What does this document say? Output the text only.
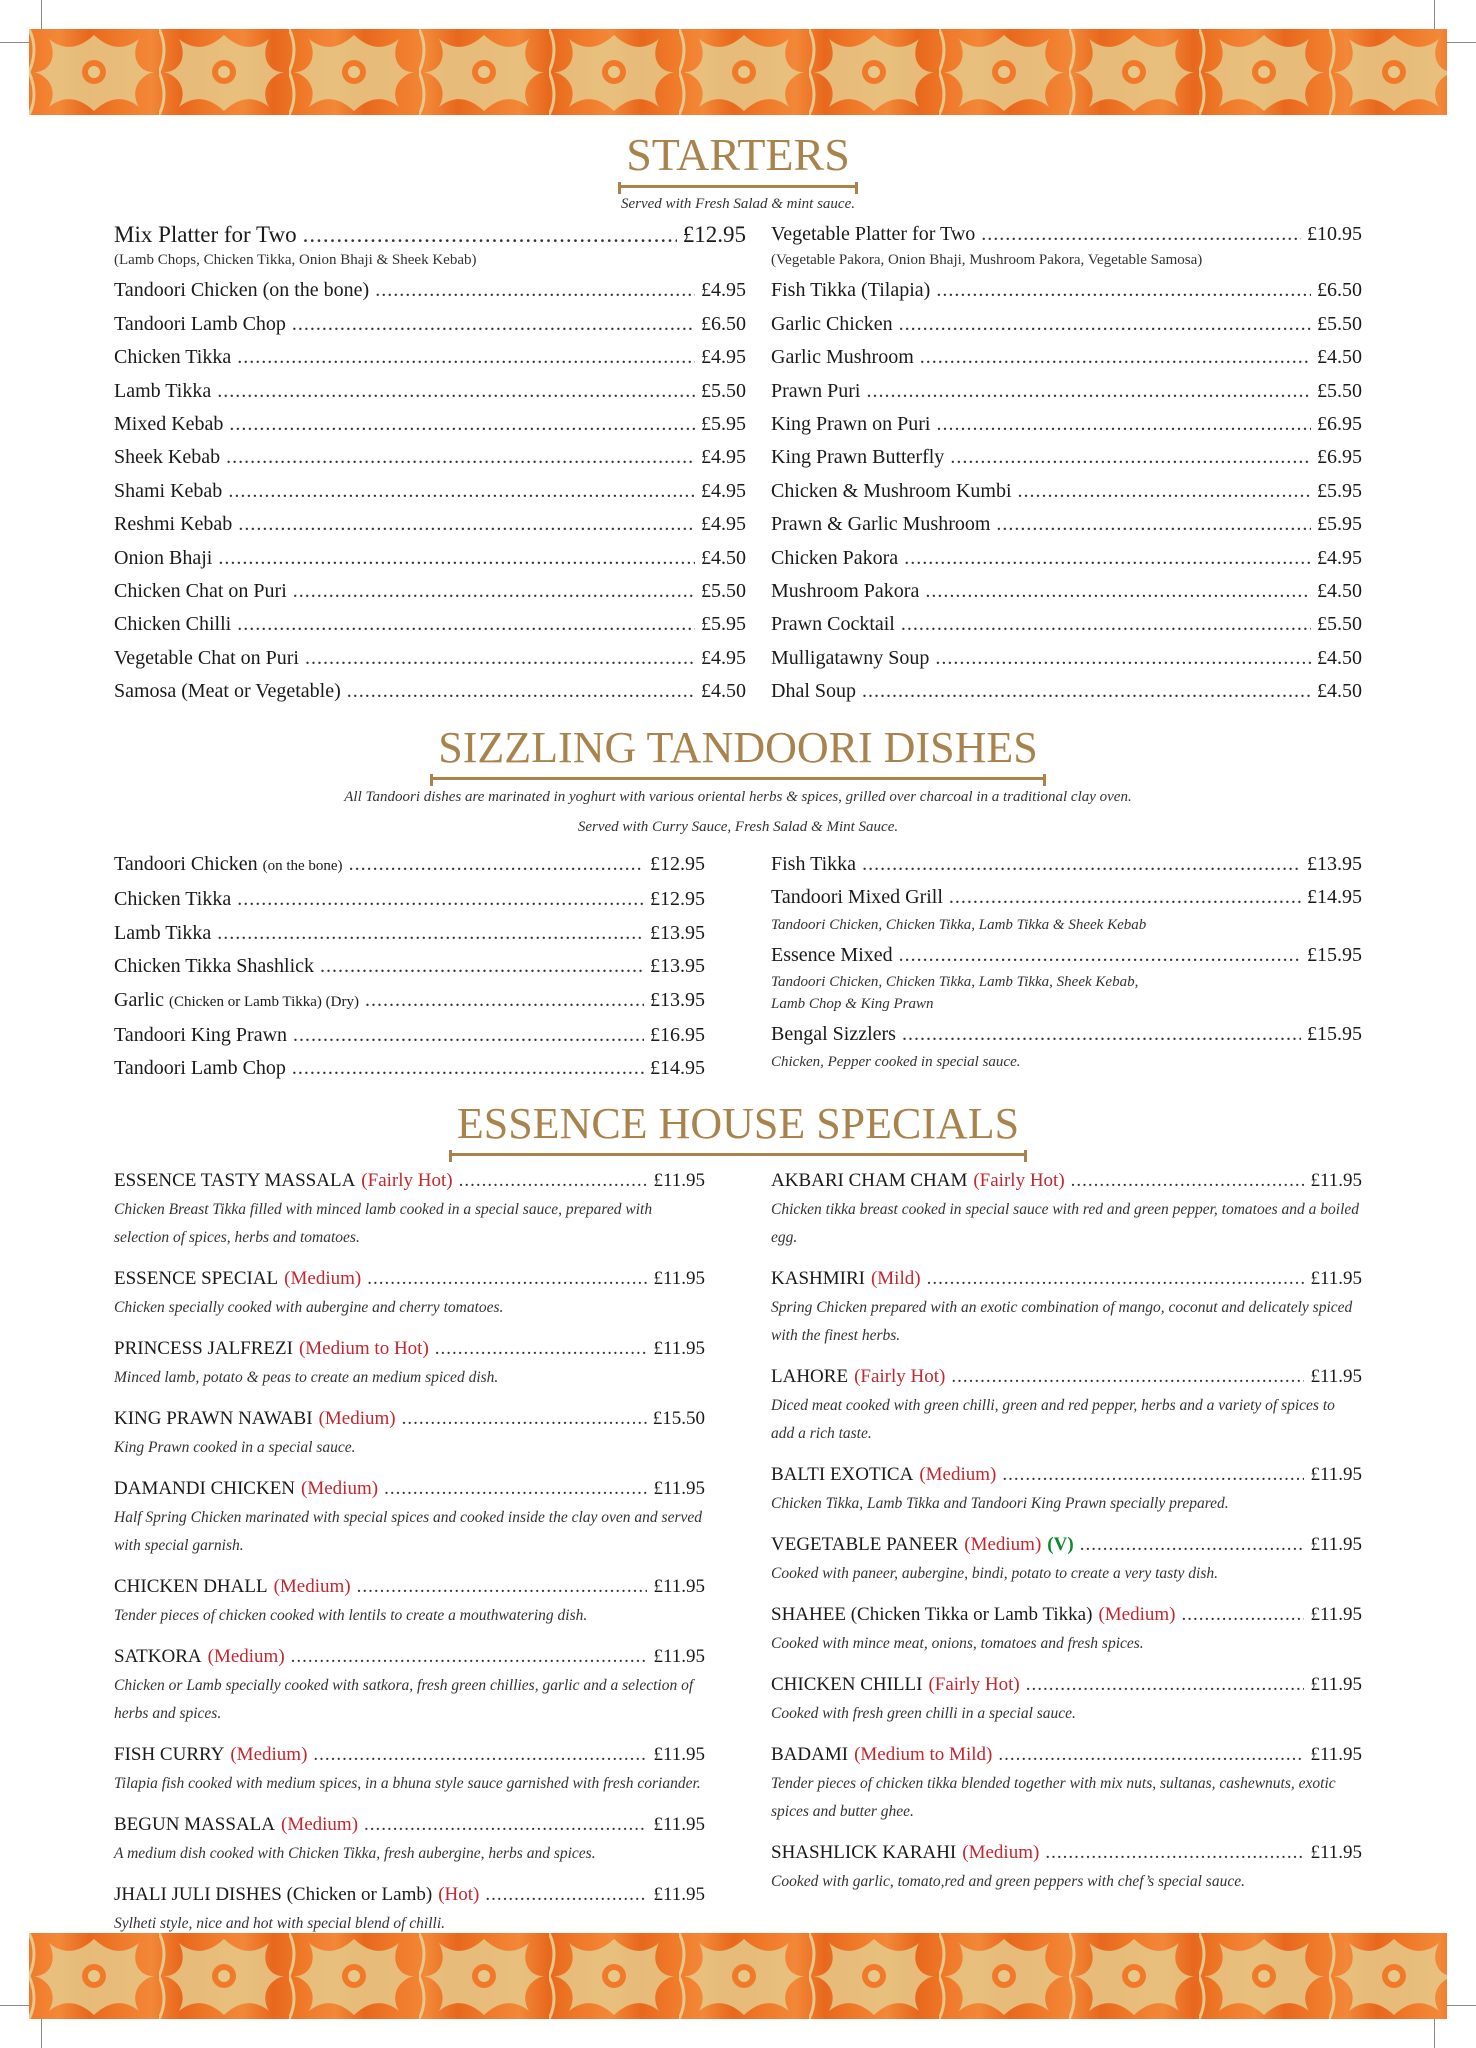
STARTERS

Served with Fresh Salad & mint sauce.

Mix Platter for Two .....	£12.95
(Lamb Chops, Chicken Tikka, Onion Bhaji & Sheek Kebab)
Tandoori Chicken (on the bone) .....	£4.95
Tandoori Lamb Chop .....	£6.50
Chicken Tikka .....	£4.95
Lamb Tikka .....	£5.50
Mixed Kebab .....	£5.95
Sheek Kebab .....	£4.95
Shami Kebab .....	£4.95
Reshmi Kebab .....	£4.95
Onion Bhaji .....	£4.50
Chicken Chat on Puri .....	£5.50
Chicken Chilli .....	£5.95
Vegetable Chat on Puri .....	£4.95
Samosa (Meat or Vegetable) .....	£4.50
Vegetable Platter for Two .....	£10.95
(Vegetable Pakora, Onion Bhaji, Mushroom Pakora, Vegetable Samosa)
Fish Tikka (Tilapia) .....	£6.50
Garlic Chicken .....	£5.50
Garlic Mushroom .....	£4.50
Prawn Puri .....	£5.50
King Prawn on Puri .....	£6.95
King Prawn Butterfly .....	£6.95
Chicken & Mushroom Kumbi .....	£5.95
Prawn & Garlic Mushroom .....	£5.95
Chicken Pakora .....	£4.95
Mushroom Pakora .....	£4.50
Prawn Cocktail .....	£5.50
Mulligatawny Soup .....	£4.50
Dhal Soup .....	£4.50
SIZZLING TANDOORI DISHES

All Tandoori dishes are marinated in yoghurt with various oriental herbs & spices, grilled over charcoal in a traditional clay oven.

Served with Curry Sauce, Fresh Salad & Mint Sauce.

Tandoori Chicken (on the bone) .....	£12.95
Chicken Tikka .....	£12.95
Lamb Tikka .....	£13.95
Chicken Tikka Shashlick .....	£13.95
Garlic (Chicken or Lamb Tikka) (Dry) .....	£13.95
Tandoori King Prawn .....	£16.95
Tandoori Lamb Chop .....	£14.95
Fish Tikka .....	£13.95
Tandoori Mixed Grill .....	£14.95
Tandoori Chicken, Chicken Tikka, Lamb Tikka & Sheek Kebab
Essence Mixed .....	£15.95
Tandoori Chicken, Chicken Tikka, Lamb Tikka, Sheek Kebab,
Lamb Chop & King Prawn
Bengal Sizzlers .....	£15.95
Chicken, Pepper cooked in special sauce.
ESSENCE HOUSE SPECIALS
ESSENCE TASTY MASSALA (Fairly Hot) .....	£11.95
Chicken Breast Tikka filled with minced lamb cooked in a special sauce, prepared with selection of spices, herbs and tomatoes.
ESSENCE SPECIAL (Medium) .....	£11.95
Chicken specially cooked with aubergine and cherry tomatoes.
PRINCESS JALFREZI (Medium to Hot) .....	£11.95
Minced lamb, potato & peas to create an medium spiced dish.
KING PRAWN NAWABI (Medium) .....	£15.50
King Prawn cooked in a special sauce.
DAMANDI CHICKEN (Medium) .....	£11.95
Half Spring Chicken marinated with special spices and cooked inside the clay oven and served with special garnish.
CHICKEN DHALL (Medium) .....	£11.95
Tender pieces of chicken cooked with lentils to create a mouthwatering dish.
SATKORA (Medium) .....	£11.95
Chicken or Lamb specially cooked with satkora, fresh green chillies, garlic and a selection of herbs and spices.
FISH CURRY (Medium) .....	£11.95
Tilapia fish cooked with medium spices, in a bhuna style sauce garnished with fresh coriander.
BEGUN MASSALA (Medium) .....	£11.95
A medium dish cooked with Chicken Tikka, fresh aubergine, herbs and spices.
JHALI JULI DISHES (Chicken or Lamb) (Hot) .....	£11.95
Sylheti style, nice and hot with special blend of chilli.
AKBARI CHAM CHAM (Fairly Hot) .....	£11.95
Chicken tikka breast cooked in special sauce with red and green pepper, tomatoes and a boiled egg.
KASHMIRI (Mild) .....	£11.95
Spring Chicken prepared with an exotic combination of mango, coconut and delicately spiced with the finest herbs.
LAHORE (Fairly Hot) .....	£11.95
Diced meat cooked with green chilli, green and red pepper, herbs and a variety of spices to add a rich taste.
BALTI EXOTICA (Medium) .....	£11.95
Chicken Tikka, Lamb Tikka and Tandoori King Prawn specially prepared.
VEGETABLE PANEER (Medium) (V) .....	£11.95
Cooked with paneer, aubergine, bindi, potato to create a very tasty dish.
SHAHEE (Chicken Tikka or Lamb Tikka) (Medium) .....	£11.95
Cooked with mince meat, onions, tomatoes and fresh spices.
CHICKEN CHILLI (Fairly Hot) .....	£11.95
Cooked with fresh green chilli in a special sauce.
BADAMI (Medium to Mild) .....	£11.95
Tender pieces of chicken tikka blended together with mix nuts, sultanas, cashewnuts, exotic spices and butter ghee.
SHASHLICK KARAHI (Medium) .....	£11.95
Cooked with garlic, tomato,red and green peppers with chef’s special sauce.
